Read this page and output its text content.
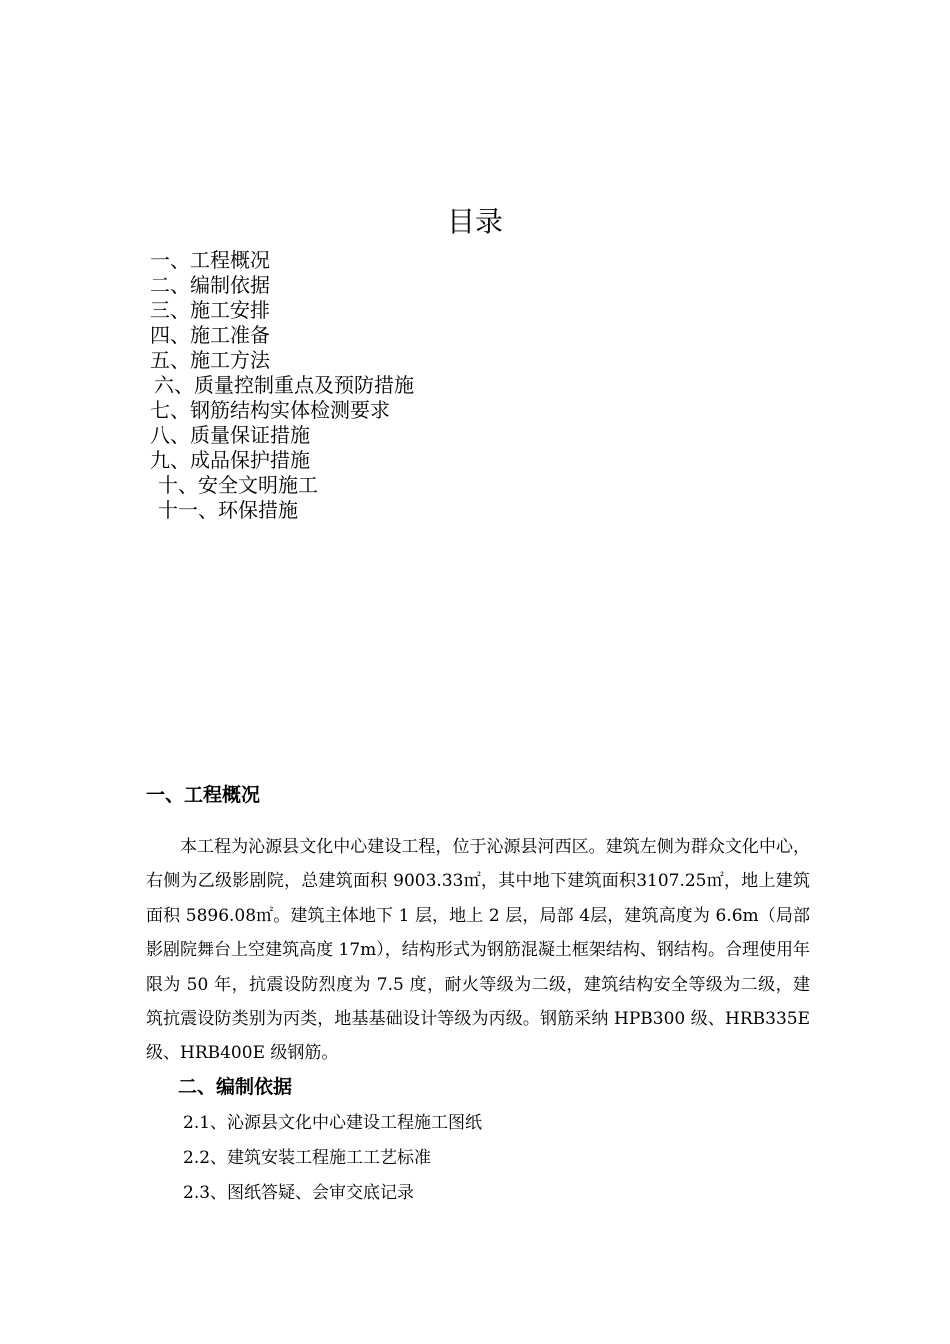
目录
一、工程概况
二、编制依据
三、施工安排
四、施工准备
五、施工方法
六、质量控制重点及预防措施
七、钢筋结构实体检测要求
八、质量保证措施
九、成品保护措施
十、安全文明施工
十一、环保措施
一、工程概况

本工程为沁源县文化中心建设工程，位于沁源县河西区。建筑左侧为群众文化中心，右侧为乙级影剧院，总建筑面积 9003.33㎡，其中地下建筑面积3107.25㎡，地上建筑面积 5896.08㎡。建筑主体地下 1 层，地上 2 层，局部 4层，建筑高度为 6.6m（局部影剧院舞台上空建筑高度 17m），结构形式为钢筋混凝土框架结构、钢结构。合理使用年限为 50 年，抗震设防烈度为 7.5 度，耐火等级为二级，建筑结构安全等级为二级，建筑抗震设防类别为丙类，地基基础设计等级为丙级。钢筋采纳 HPB300 级、HRB335E 级、HRB400E 级钢筋。

二、编制依据
2.1、沁源县文化中心建设工程施工图纸
2.2、建筑安装工程施工工艺标准
2.3、图纸答疑、会审交底记录
